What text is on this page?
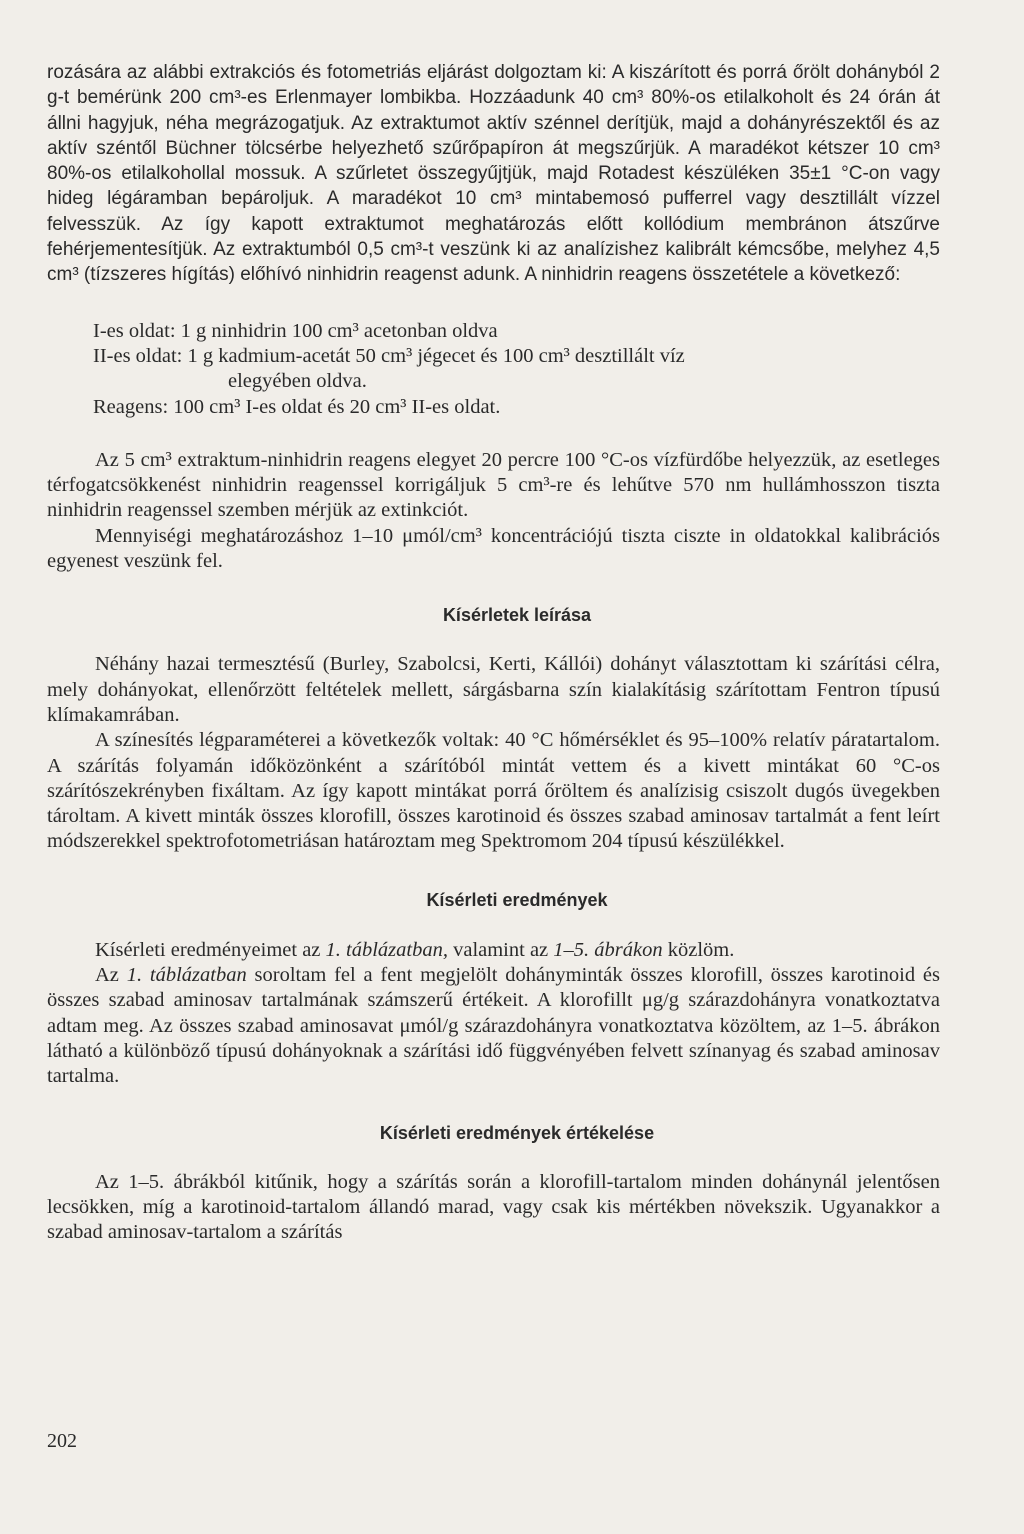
rozására az alábbi extrakciós és fotometriás eljárást dolgoztam ki: A kiszárított és porrá őrölt dohányból 2 g-t bemérünk 200 cm³-es Erlenmayer lombikba. Hozzáadunk 40 cm³ 80%-os etilalkoholt és 24 órán át állni hagyjuk, néha megrázogatjuk. Az extraktumot aktív szénnel derítjük, majd a dohányrészektől és az aktív széntől Büchner tölcsérbe helyezhető szűrőpapíron át megszűrjük. A maradékot kétszer 10 cm³ 80%-os etilalkohollal mossuk. A szűrletet összegyűjtjük, majd Rotadest készüléken 35±1 °C-on vagy hideg légáramban bepároljuk. A maradékot 10 cm³ mintabemosó pufferrel vagy desztillált vízzel felvesszük. Az így kapott extraktumot meghatározás előtt kollódium membránon átszűrve fehérjementesítjük. Az extraktumból 0,5 cm³-t veszünk ki az analízishez kalibrált kémcsőbe, melyhez 4,5 cm³ (tízszeres hígítás) előhívó ninhidrin reagenst adunk. A ninhidrin reagens összetétele a következő:

I-es oldat: 1 g ninhidrin 100 cm³ acetonban oldva

II-es oldat: 1 g kadmium-acetát 50 cm³ jégecet és 100 cm³ desztillált víz

elegyében oldva.

Reagens: 100 cm³ I-es oldat és 20 cm³ II-es oldat.

Az 5 cm³ extraktum-ninhidrin reagens elegyet 20 percre 100 °C-os vízfürdőbe helyezzük, az esetleges térfogatcsökkenést ninhidrin reagenssel korrigáljuk 5 cm³-re és lehűtve 570 nm hullámhosszon tiszta ninhidrin reagenssel szemben mérjük az extinkciót.

Mennyiségi meghatározáshoz 1–10 μmól/cm³ koncentrációjú tiszta ciszte in oldatokkal kalibrációs egyenest veszünk fel.

Kísérletek leírása

Néhány hazai termesztésű (Burley, Szabolcsi, Kerti, Kállói) dohányt választottam ki szárítási célra, mely dohányokat, ellenőrzött feltételek mellett, sárgásbarna szín kialakításig szárítottam Fentron típusú klímakamrában.

A színesítés légparaméterei a következők voltak: 40 °C hőmérséklet és 95–100% relatív páratartalom. A szárítás folyamán időközönként a szárítóból mintát vettem és a kivett mintákat 60 °C-os szárítószekrényben fixáltam. Az így kapott mintákat porrá őröltem és analízisig csiszolt dugós üvegekben tároltam. A kivett minták összes klorofill, összes karotinoid és összes szabad aminosav tartalmát a fent leírt módszerekkel spektrofotometriásan határoztam meg Spektromom 204 típusú készülékkel.

Kísérleti eredmények

Kísérleti eredményeimet az 1. táblázatban, valamint az 1–5. ábrákon közlöm.

Az 1. táblázatban soroltam fel a fent megjelölt dohányminták összes klorofill, összes karotinoid és összes szabad aminosav tartalmának számszerű értékeit. A klorofillt μg/g szárazdohányra vonatkoztatva adtam meg. Az összes szabad aminosavat μmól/g szárazdohányra vonatkoztatva közöltem, az 1–5. ábrákon látható a különböző típusú dohányoknak a szárítási idő függvényében felvett színanyag és szabad aminosav tartalma.

Kísérleti eredmények értékelése

Az 1–5. ábrákból kitűnik, hogy a szárítás során a klorofill-tartalom minden dohánynál jelentősen lecsökken, míg a karotinoid-tartalom állandó marad, vagy csak kis mértékben növekszik. Ugyanakkor a szabad aminosav-tartalom a szárítás

202
